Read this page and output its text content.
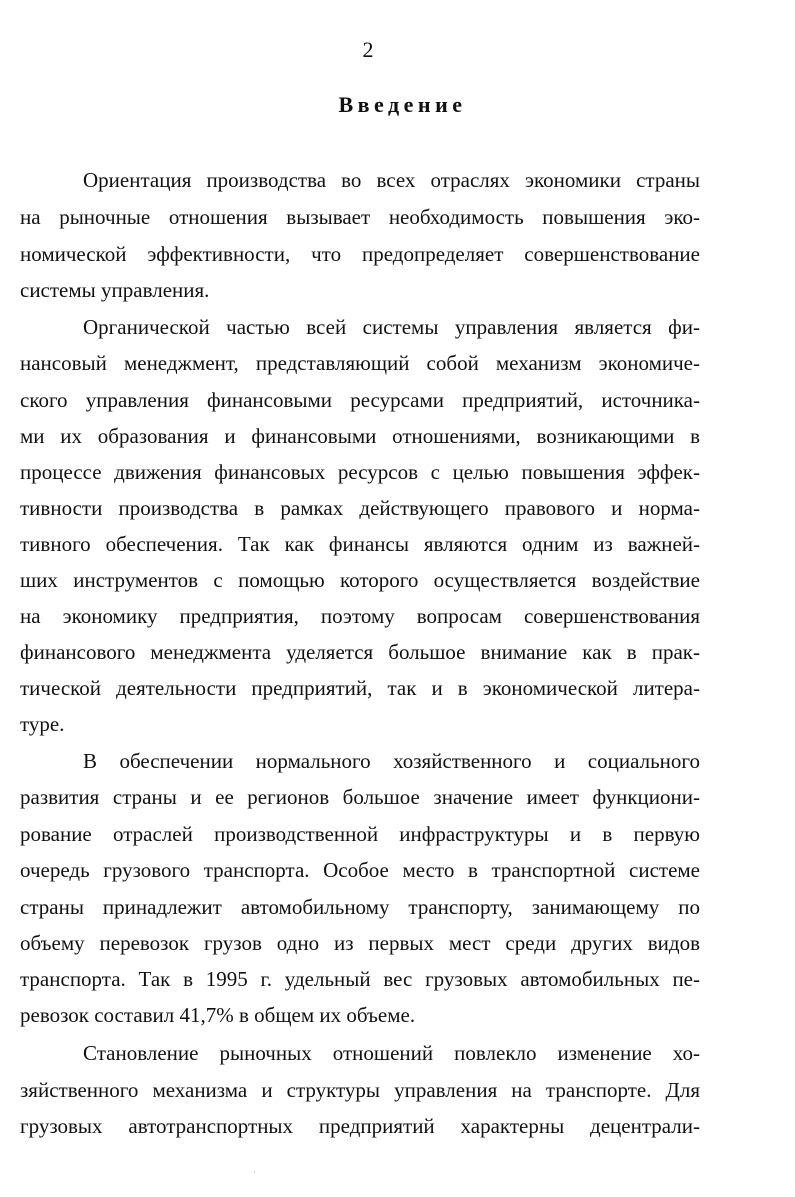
2
Введение
Ориентация производства во всех отраслях экономики страны
на рыночные отношения вызывает необходимость повышения эко-
номической эффективности, что предопределяет совершенствование
системы управления.
Органической частью всей системы управления является фи-
нансовый менеджмент, представляющий собой механизм экономиче-
ского управления финансовыми ресурсами предприятий, источника-
ми их образования и финансовыми отношениями, возникающими в
процессе движения финансовых ресурсов с целью повышения эффек-
тивности производства в рамках действующего правового и норма-
тивного обеспечения. Так как финансы являются одним из важней-
ших инструментов с помощью которого осуществляется воздействие
на экономику предприятия, поэтому вопросам совершенствования
финансового менеджмента уделяется большое внимание как в прак-
тической деятельности предприятий, так и в экономической литера-
туре.
В обеспечении нормального хозяйственного и социального
развития страны и ее регионов большое значение имеет функциони-
рование отраслей производственной инфраструктуры и в первую
очередь грузового транспорта. Особое место в транспортной системе
страны принадлежит автомобильному транспорту, занимающему по
объему перевозок грузов одно из первых мест среди других видов
транспорта. Так в 1995 г. удельный вес грузовых автомобильных пе-
ревозок составил 41,7% в общем их объеме.
Становление рыночных отношений повлекло изменение хо-
зяйственного механизма и структуры управления на транспорте. Для
грузовых автотранспортных предприятий характерны децентрали-
·
